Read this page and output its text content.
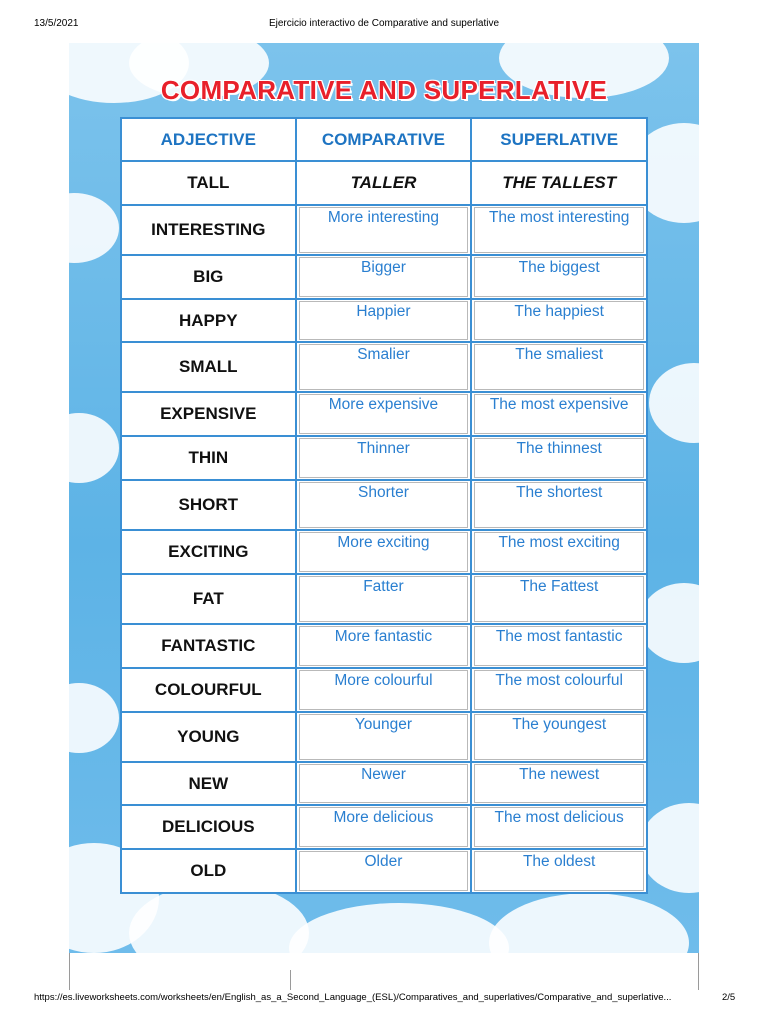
13/5/2021	Ejercicio interactivo de Comparative and superlative
COMPARATIVE AND SUPERLATIVE
ADJECTIVE	COMPARATIVE	SUPERLATIVE
TALL	TALLER	THE TALLEST
INTERESTING	More interesting	The most interesting

BIG	Bigger	The biggest

HAPPY	Happier	The happiest

SMALL	Smalier	The smaliest

EXPENSIVE	More expensive	The most expensive

THIN	Thinner	The thinnest

SHORT	Shorter	The shortest

EXCITING	More exciting	The most exciting

FAT	Fatter	The Fattest

FANTASTIC	More fantastic	The most fantastic

COLOURFUL	More colourful	The most colourful

YOUNG	Younger	The youngest

NEW	Newer	The newest

DELICIOUS	More delicious	The most delicious

OLD	Older	The oldest
https://es.liveworksheets.com/worksheets/en/English_as_a_Second_Language_(ESL)/Comparatives_and_superlatives/Comparative_and_superlative...	2/5
